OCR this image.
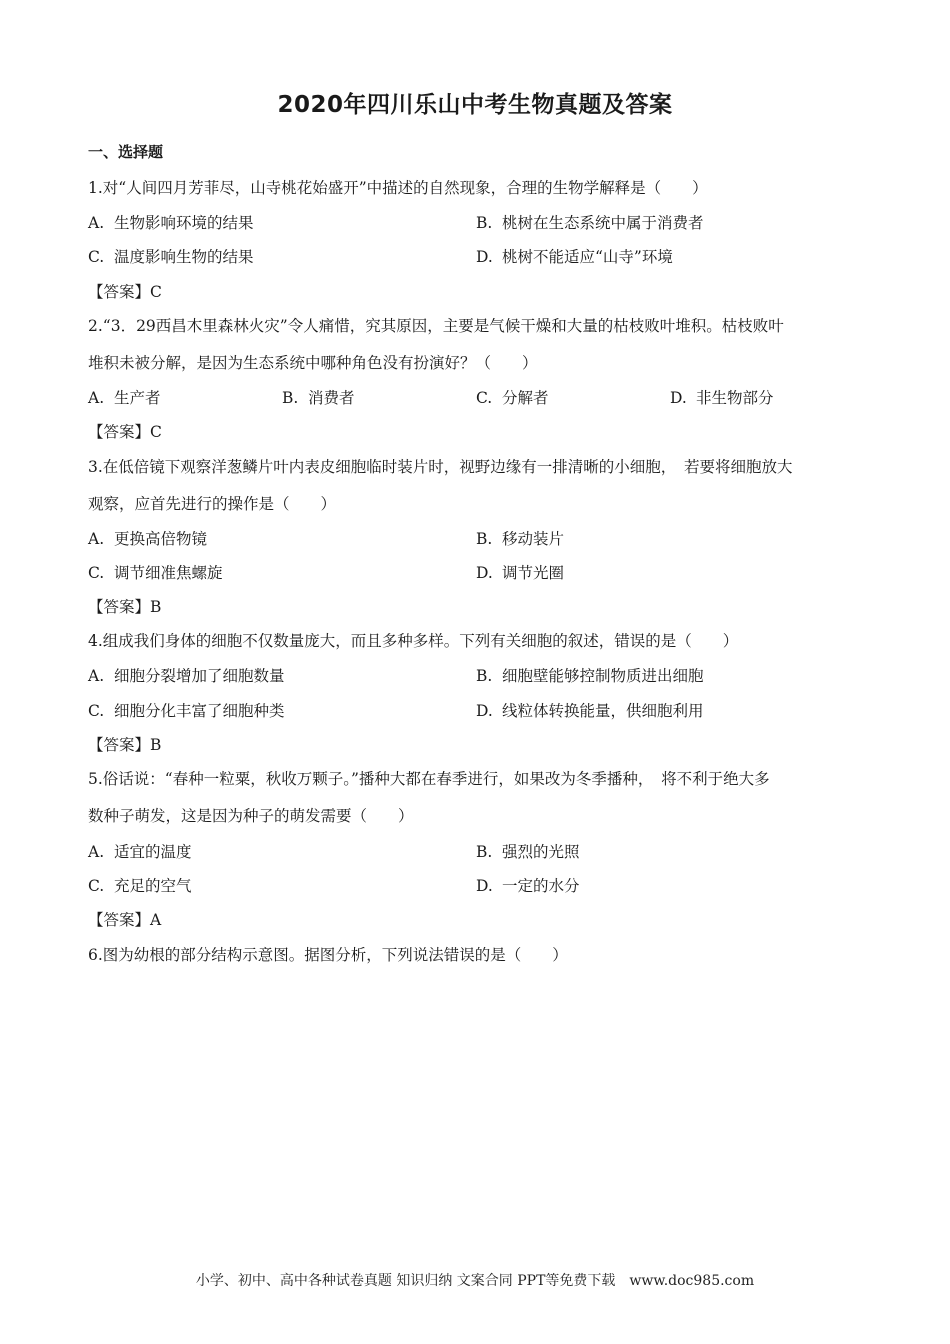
2020年四川乐山中考生物真题及答案
一、选择题
1.对“人间四月芳菲尽，山寺桃花始盛开”中描述的自然现象，合理的生物学解释是（　　）
A. 生物影响环境的结果	B. 桃树在生态系统中属于消费者
C. 温度影响生物的结果	D. 桃树不能适应“山寺”环境
【答案】C
2.“3．29西昌木里森林火灾”令人痛惜，究其原因，主要是气候干燥和大量的枯枝败叶堆积。枯枝败叶
堆积未被分解，是因为生态系统中哪种角色没有扮演好？（　　）
A. 生产者	B. 消费者	C. 分解者	D. 非生物部分
【答案】C
3.在低倍镜下观察洋葱鳞片叶内表皮细胞临时装片时，视野边缘有一排清晰的小细胞，　若要将细胞放大
观察，应首先进行的操作是（　　）
A. 更换高倍物镜	B. 移动装片
C. 调节细准焦螺旋	D. 调节光圈
【答案】B
4.组成我们身体的细胞不仅数量庞大，而且多种多样。下列有关细胞的叙述，错误的是（　　）
A. 细胞分裂增加了细胞数量	B. 细胞壁能够控制物质进出细胞
C. 细胞分化丰富了细胞种类	D. 线粒体转换能量，供细胞利用
【答案】B
5.俗话说：“春种一粒粟，秋收万颗子。”播种大都在春季进行，如果改为冬季播种，　将不利于绝大多
数种子萌发，这是因为种子的萌发需要（　　）
A. 适宜的温度	B. 强烈的光照
C. 充足的空气	D. 一定的水分
【答案】A
6.图为幼根的部分结构示意图。据图分析，下列说法错误的是（　　）
小学、初中、高中各种试卷真题 知识归纳 文案合同 PPT等免费下载　www.doc985.com
